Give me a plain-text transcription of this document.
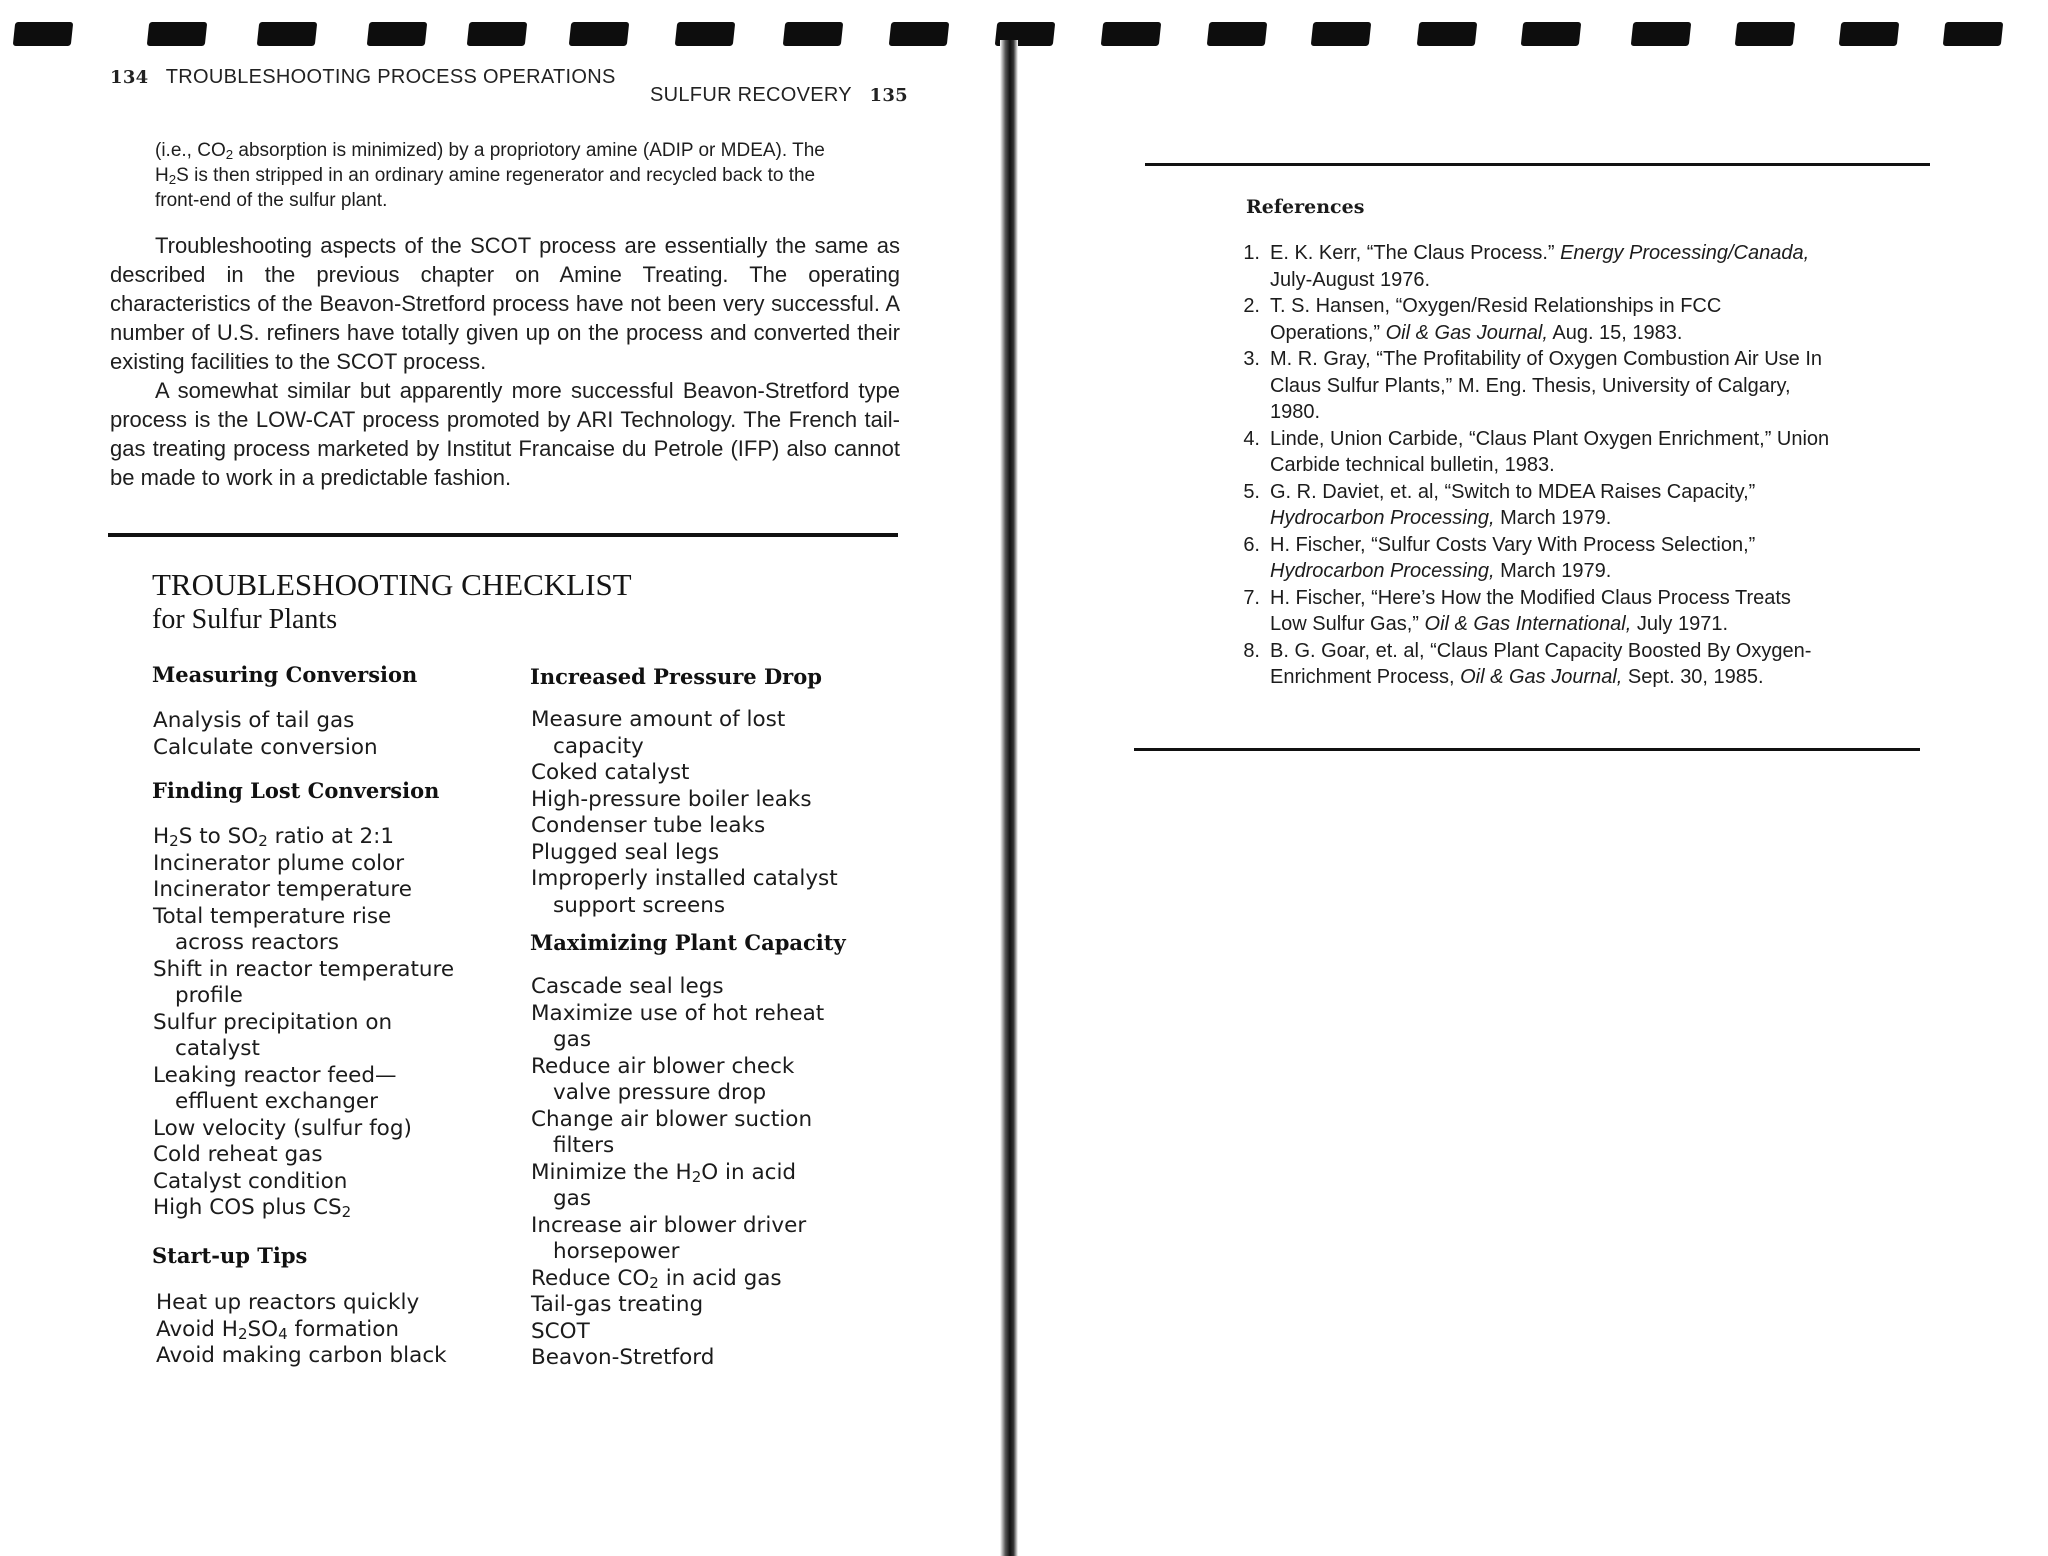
134 TROUBLESHOOTING PROCESS OPERATIONS
(i.e., $CO_2$ absorption is minimized) by a propriotory amine (ADIP or MDEA). The $H_2S$ is then stripped in an ordinary amine regenerator and recycled back to the front-end of the sulfur plant.
Troubleshooting aspects of the SCOT process are essentially the same as described in the previous chapter on Amine Treating. The operating characteristics of the Beavon-Stretford process have not been very successful. A number of U.S. refiners have totally given up on the process and converted their existing facilities to the SCOT process.
A somewhat similar but apparently more successful Beavon-Stretford type process is the LOW-CAT process promoted by ARI Technology. The French tail-gas treating process marketed by Institut Francaise du Petrole (IFP) also cannot be made to work in a predictable fashion.
TROUBLESHOOTING CHECKLIST
for Sulfur Plants
Measuring Conversion
Analysis of tail gas
Calculate conversion
Finding Lost Conversion
$H_2S$ to $SO_2$ ratio at 2:1
Incinerator plume color
Incinerator temperature
Total temperature rise
across reactors
Shift in reactor temperature
profile
Sulfur precipitation on
catalyst
Leaking reactor feed—
effluent exchanger
Low velocity (sulfur fog)
Cold reheat gas
Catalyst condition
High COS plus $CS_2$
Start-up Tips
Heat up reactors quickly
Avoid $H_2SO_4$ formation
Avoid making carbon black
Increased Pressure Drop
Measure amount of lost
capacity
Coked catalyst
High-pressure boiler leaks
Condenser tube leaks
Plugged seal legs
Improperly installed catalyst
support screens
Maximizing Plant Capacity
Cascade seal legs
Maximize use of hot reheat
gas
Reduce air blower check
valve pressure drop
Change air blower suction
filters
Minimize the $H_2O$ in acid
gas
Increase air blower driver
horsepower
Reduce $CO_2$ in acid gas
Tail-gas treating
SCOT
Beavon-Stretford
SULFUR RECOVERY 135
References
1. E. K. Kerr, “The Claus Process.” Energy Processing/Canada, July-August 1976.
2. T. S. Hansen, “Oxygen/Resid Relationships in FCC Operations,” Oil & Gas Journal, Aug. 15, 1983.
3. M. R. Gray, “The Profitability of Oxygen Combustion Air Use In Claus Sulfur Plants,” M. Eng. Thesis, University of Calgary, 1980.
4. Linde, Union Carbide, “Claus Plant Oxygen Enrichment,” Union Carbide technical bulletin, 1983.
5. G. R. Daviet, et. al, “Switch to MDEA Raises Capacity,” Hydrocarbon Processing, March 1979.
6. H. Fischer, “Sulfur Costs Vary With Process Selection,” Hydrocarbon Processing, March 1979.
7. H. Fischer, “Here’s How the Modified Claus Process Treats Low Sulfur Gas,” Oil & Gas International, July 1971.
8. B. G. Goar, et. al, “Claus Plant Capacity Boosted By Oxygen-Enrichment Process, Oil & Gas Journal, Sept. 30, 1985.
